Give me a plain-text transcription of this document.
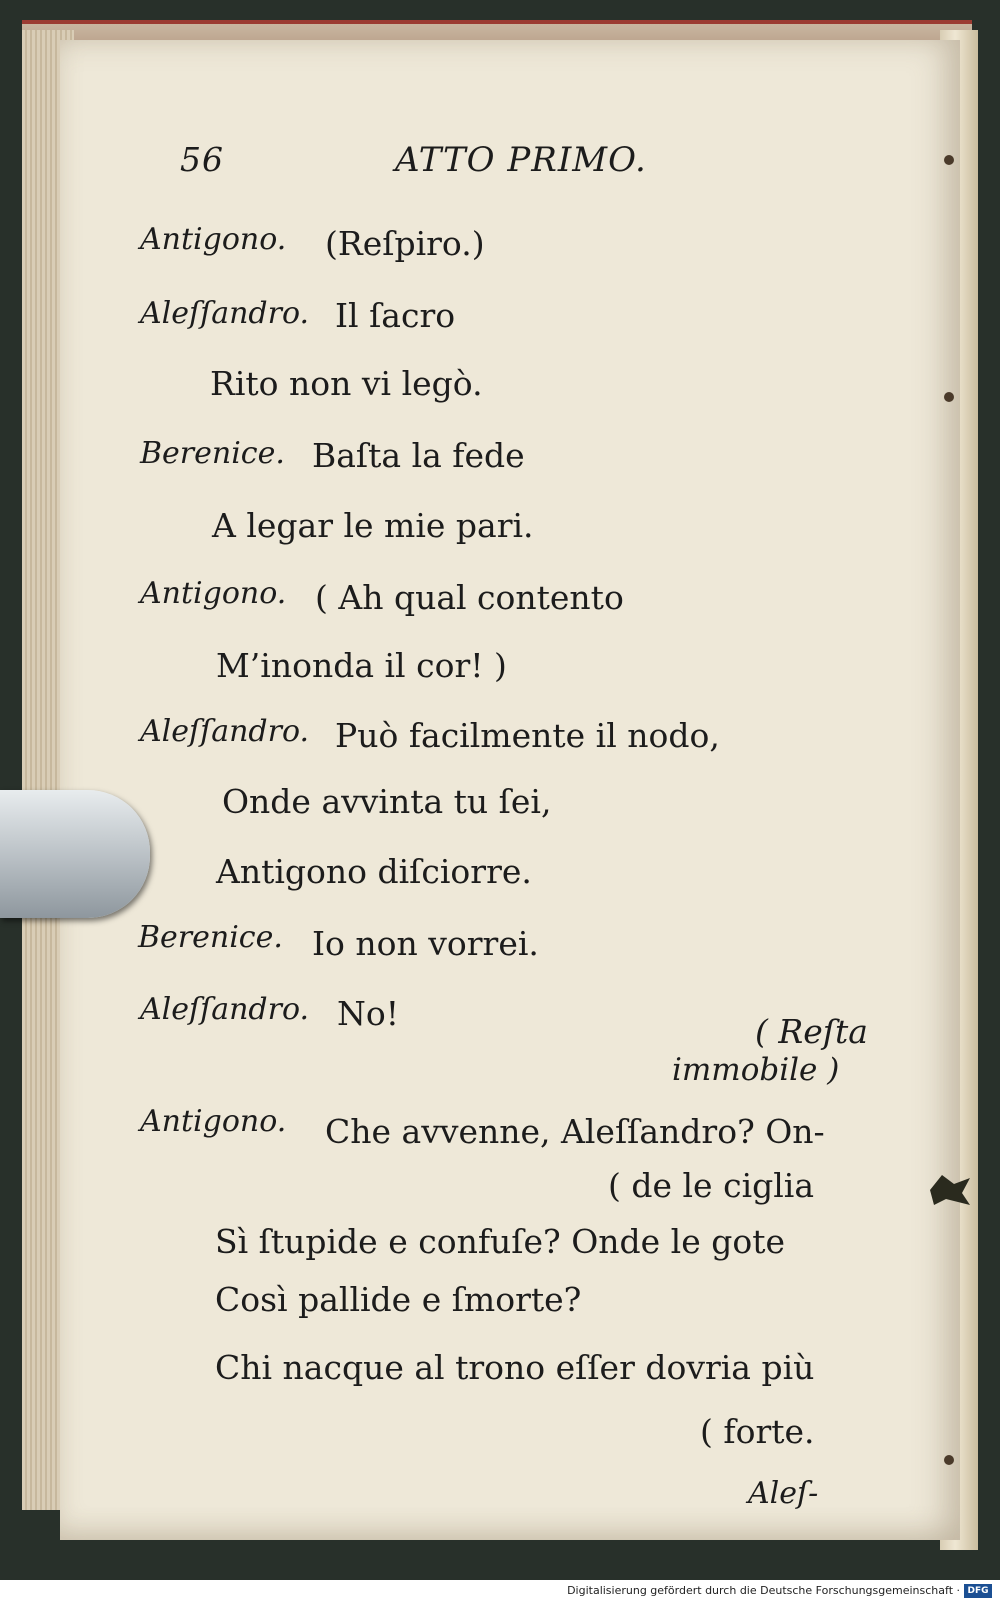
56	ATTO PRIMO.
Antigono. (Reſpiro.)
Aleſſandro. Il ſacro
Rito non vi legò.
Berenice. Baſta la fede
A legar le mie pari.
Antigono. ( Ah qual contento
M’inonda il cor! )
Aleſſandro. Può facilmente il nodo,
Onde avvinta tu ſei,
Antigono diſciorre.
Berenice. Io non vorrei.
Aleſſandro. No!	( Reſta
immobile )
Antigono. Che avvenne, Aleſſandro? On-
( de le ciglia
Sì ſtupide e confuſe? Onde le gote
Così pallide e ſmorte?
Chi nacque al trono eſſer dovria più
( forte.
Aleſ-
Digitalisierung gefördert durch die Deutsche Forschungsgemeinschaft · DFG
